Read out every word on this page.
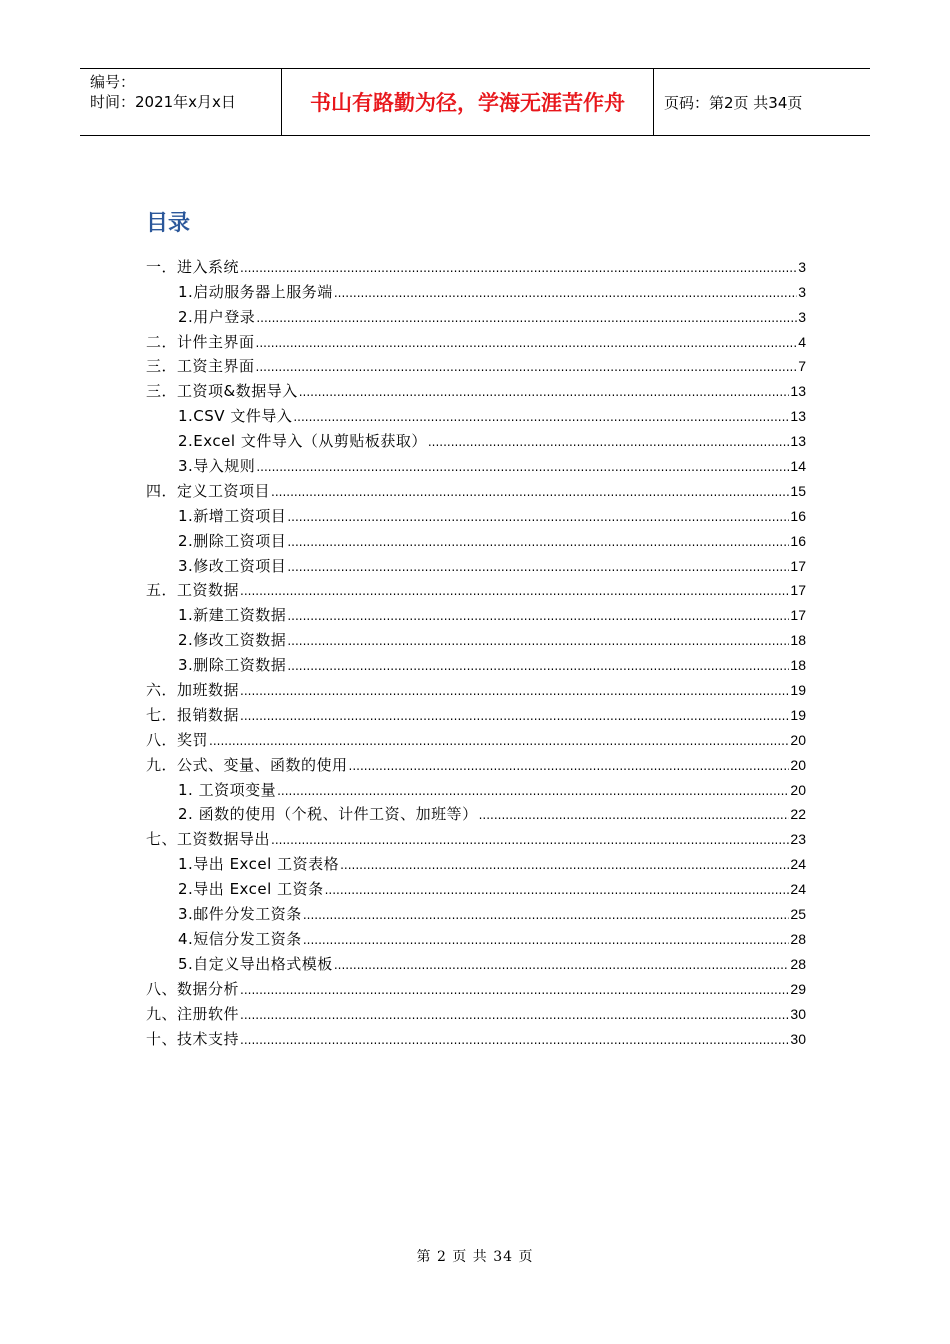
编号：
时间：2021年x月x日	书山有路勤为径，学海无涯苦作舟	页码：第2页 共34页
目录
一．进入系统 .....	3
1.启动服务器上服务端 .....	3
2.用户登录 .....	3
二．计件主界面 .....	4
三．工资主界面 .....	7
三．工资项&数据导入 .....	13
1.CSV 文件导入 .....	13
2.Excel 文件导入（从剪贴板获取） .....	13
3.导入规则 .....	14
四．定义工资项目 .....	15
1.新增工资项目 .....	16
2.删除工资项目 .....	16
3.修改工资项目 .....	17
五．工资数据 .....	17
1.新建工资数据 .....	17
2.修改工资数据 .....	18
3.删除工资数据 .....	18
六．加班数据 .....	19
七．报销数据 .....	19
八．奖罚 .....	20
九．公式、变量、函数的使用 .....	20
1. 工资项变量 .....	20
2. 函数的使用（个税、计件工资、加班等） .....	22
七、工资数据导出 .....	23
1.导出 Excel 工资表格 .....	24
2.导出 Excel 工资条 .....	24
3.邮件分发工资条 .....	25
4.短信分发工资条 .....	28
5.自定义导出格式模板 .....	28
八、数据分析 .....	29
九、注册软件 .....	30
十、技术支持 .....	30
第 2 页 共 34 页
